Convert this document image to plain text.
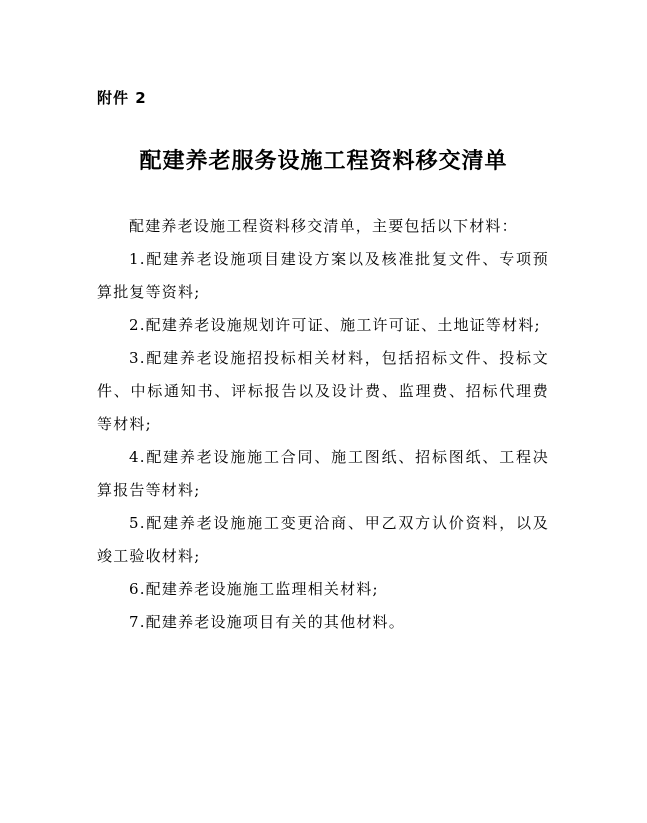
附件 2
配建养老服务设施工程资料移交清单

配建养老设施工程资料移交清单，主要包括以下材料：

1.配建养老设施项目建设方案以及核准批复文件、专项预算批复等资料;

2.配建养老设施规划许可证、施工许可证、土地证等材料;

3.配建养老设施招投标相关材料，包括招标文件、投标文件、中标通知书、评标报告以及设计费、监理费、招标代理费等材料;

4.配建养老设施施工合同、施工图纸、招标图纸、工程决算报告等材料;

5.配建养老设施施工变更洽商、甲乙双方认价资料，以及竣工验收材料;

6.配建养老设施施工监理相关材料;

7.配建养老设施项目有关的其他材料。
